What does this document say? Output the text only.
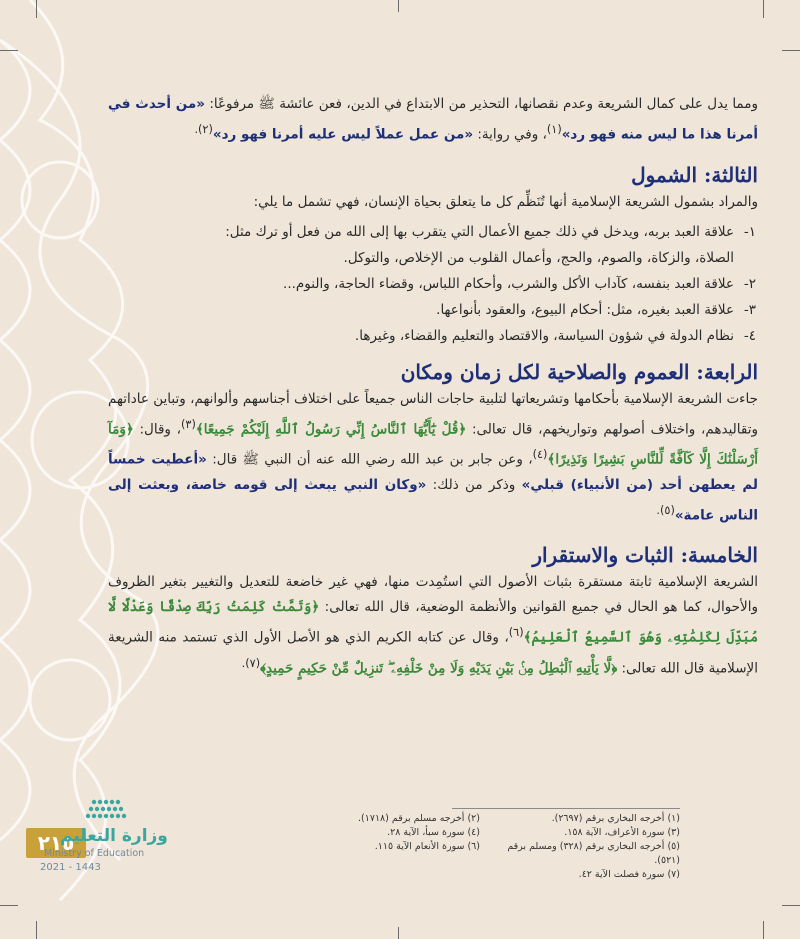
ومما يدل على كمال الشريعة وعدم نقصانها، التحذير من الابتداع في الدين، فعن عائشة ﷺ مرفوعًا: «من أحدث في أمرنا هذا ما ليس منه فهو رد»$^{(١)}$، وفي رواية: «من عمل عملاً ليس عليه أمرنا فهو رد»$^{(٢).}$

الثالثة: الشمول

والمراد بشمول الشريعة الإسلامية أنها تُنَظِّم كل ما يتعلق بحياة الإنسان، فهي تشمل ما يلي:

١-علاقة العبد بربه، ويدخل في ذلك جميع الأعمال التي يتقرب بها إلى الله من فعل أو ترك مثل:

الصلاة، والزكاة، والصوم، والحج، وأعمال القلوب من الإخلاص، والتوكل.

٢-علاقة العبد بنفسه، كآداب الأكل والشرب، وأحكام اللباس، وقضاء الحاجة، والنوم...

٣-علاقة العبد بغيره، مثل: أحكام البيوع، والعقود بأنواعها.

٤-نظام الدولة في شؤون السياسة، والاقتصاد والتعليم والقضاء، وغيرها.

الرابعة: العموم والصلاحية لكل زمان ومكان

جاءت الشريعة الإسلامية بأحكامها وتشريعاتها لتلبية حاجات الناس جميعاً على اختلاف أجناسهم وألوانهم، وتباين عاداتهم وتقاليدهم، واختلاف أصولهم وتواريخهم، قال تعالى: ﴿قُلْ يَٰٓأَيُّهَا ٱلنَّاسُ إِنِّي رَسُولُ ٱللَّهِ إِلَيْكُمْ جَمِيعًا﴾$^{(٣)}$، وقال: ﴿وَمَآ أَرْسَلْنَٰكَ إِلَّا كَآفَّةً لِّلنَّاسِ بَشِيرًا وَنَذِيرًا﴾$^{(٤)}$، وعن جابر بن عبد الله رضي الله عنه أن النبي ﷺ قال: «أعطيت خمساً لم يعطهن أحد (من الأنبياء) قبلي» وذكر من ذلك: «وكان النبي يبعث إلى قومه خاصة، وبعثت إلى الناس عامة»$^{(٥).}$

الخامسة: الثبات والاستقرار

الشريعة الإسلامية ثابتة مستقرة بثبات الأصول التي استُمِدت منها، فهي غير خاضعة للتعديل والتغيير بتغير الظروف والأحوال، كما هو الحال في جميع القوانين والأنظمة الوضعية، قال الله تعالى: ﴿وَتَمَّتْ كَلِمَتُ رَبِّكَ صِدْقًا وَعَدْلًا لَّا مُبَدِّلَ لِكَلِمَٰتِهِۦ وَهُوَ ٱلسَّمِيعُ ٱلْعَلِيمُ﴾$^{(٦)}$، وقال عن كتابه الكريم الذي هو الأصل الأول الذي تستمد منه الشريعة الإسلامية قال الله تعالى: ﴿لَّا يَأْتِيهِ ٱلْبَٰطِلُ مِنۢ بَيْنِ يَدَيْهِ وَلَا مِنْ خَلْفِهِۦ ۖ تَنزِيلٌ مِّنْ حَكِيمٍ حَمِيدٍ﴾$^{(٧).}$

(١) أخرجه البخاري برقم (٢٦٩٧).
(٢) أخرجه مسلم برقم (١٧١٨).
(٣) سورة الأعراف، الآية ١٥٨.
(٤) سورة سبأ، الآية ٢٨.
(٥) أخرجه البخاري برقم (٣٢٨) ومسلم برقم (٥٢١).
(٦) سورة الأنعام الآية ١١٥.
(٧) سورة فصلت الآية ٤٢.
٢١٥
وزارة التعليم
Ministry of Education
2021 - 1443
